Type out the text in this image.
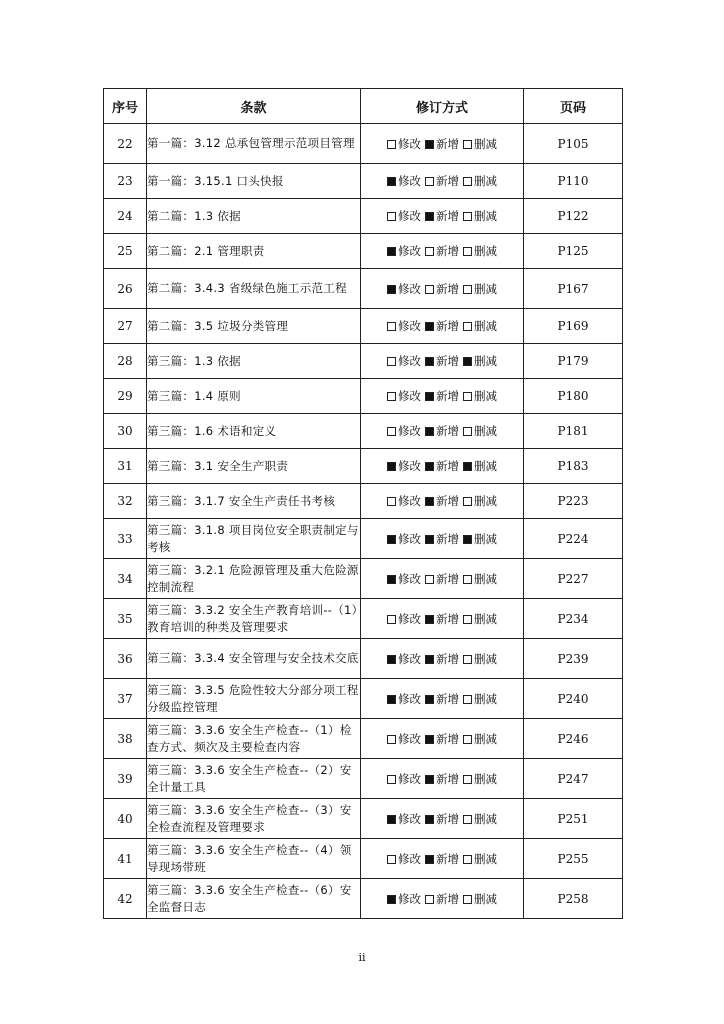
序号	条款	修订方式	页码
22	第一篇：3.12 总承包管理示范项目管理	修改 新增 删减	P105
23	第一篇：3.15.1 口头快报	修改 新增 删减	P110
24	第二篇：1.3 依据	修改 新增 删减	P122
25	第二篇：2.1 管理职责	修改 新增 删减	P125
26	第二篇：3.4.3 省级绿色施工示范工程	修改 新增 删减	P167
27	第二篇：3.5 垃圾分类管理	修改 新增 删减	P169
28	第三篇：1.3 依据	修改 新增 删减	P179
29	第三篇：1.4 原则	修改 新增 删减	P180
30	第三篇：1.6 术语和定义	修改 新增 删减	P181
31	第三篇：3.1 安全生产职责	修改 新增 删减	P183
32	第三篇：3.1.7 安全生产责任书考核	修改 新增 删减	P223
33	第三篇：3.1.8 项目岗位安全职责制定与考核	修改 新增 删减	P224
34	第三篇：3.2.1 危险源管理及重大危险源控制流程	修改 新增 删减	P227
35	第三篇：3.3.2 安全生产教育培训--（1）教育培训的种类及管理要求	修改 新增 删减	P234
36	第三篇：3.3.4 安全管理与安全技术交底	修改 新增 删减	P239
37	第三篇：3.3.5 危险性较大分部分项工程分级监控管理	修改 新增 删减	P240
38	第三篇：3.3.6 安全生产检查--（1）检查方式、频次及主要检查内容	修改 新增 删减	P246
39	第三篇：3.3.6 安全生产检查--（2）安全计量工具	修改 新增 删减	P247
40	第三篇：3.3.6 安全生产检查--（3）安全检查流程及管理要求	修改 新增 删减	P251
41	第三篇：3.3.6 安全生产检查--（4）领导现场带班	修改 新增 删减	P255
42	第三篇：3.3.6 安全生产检查--（6）安全监督日志	修改 新增 删减	P258
ii
